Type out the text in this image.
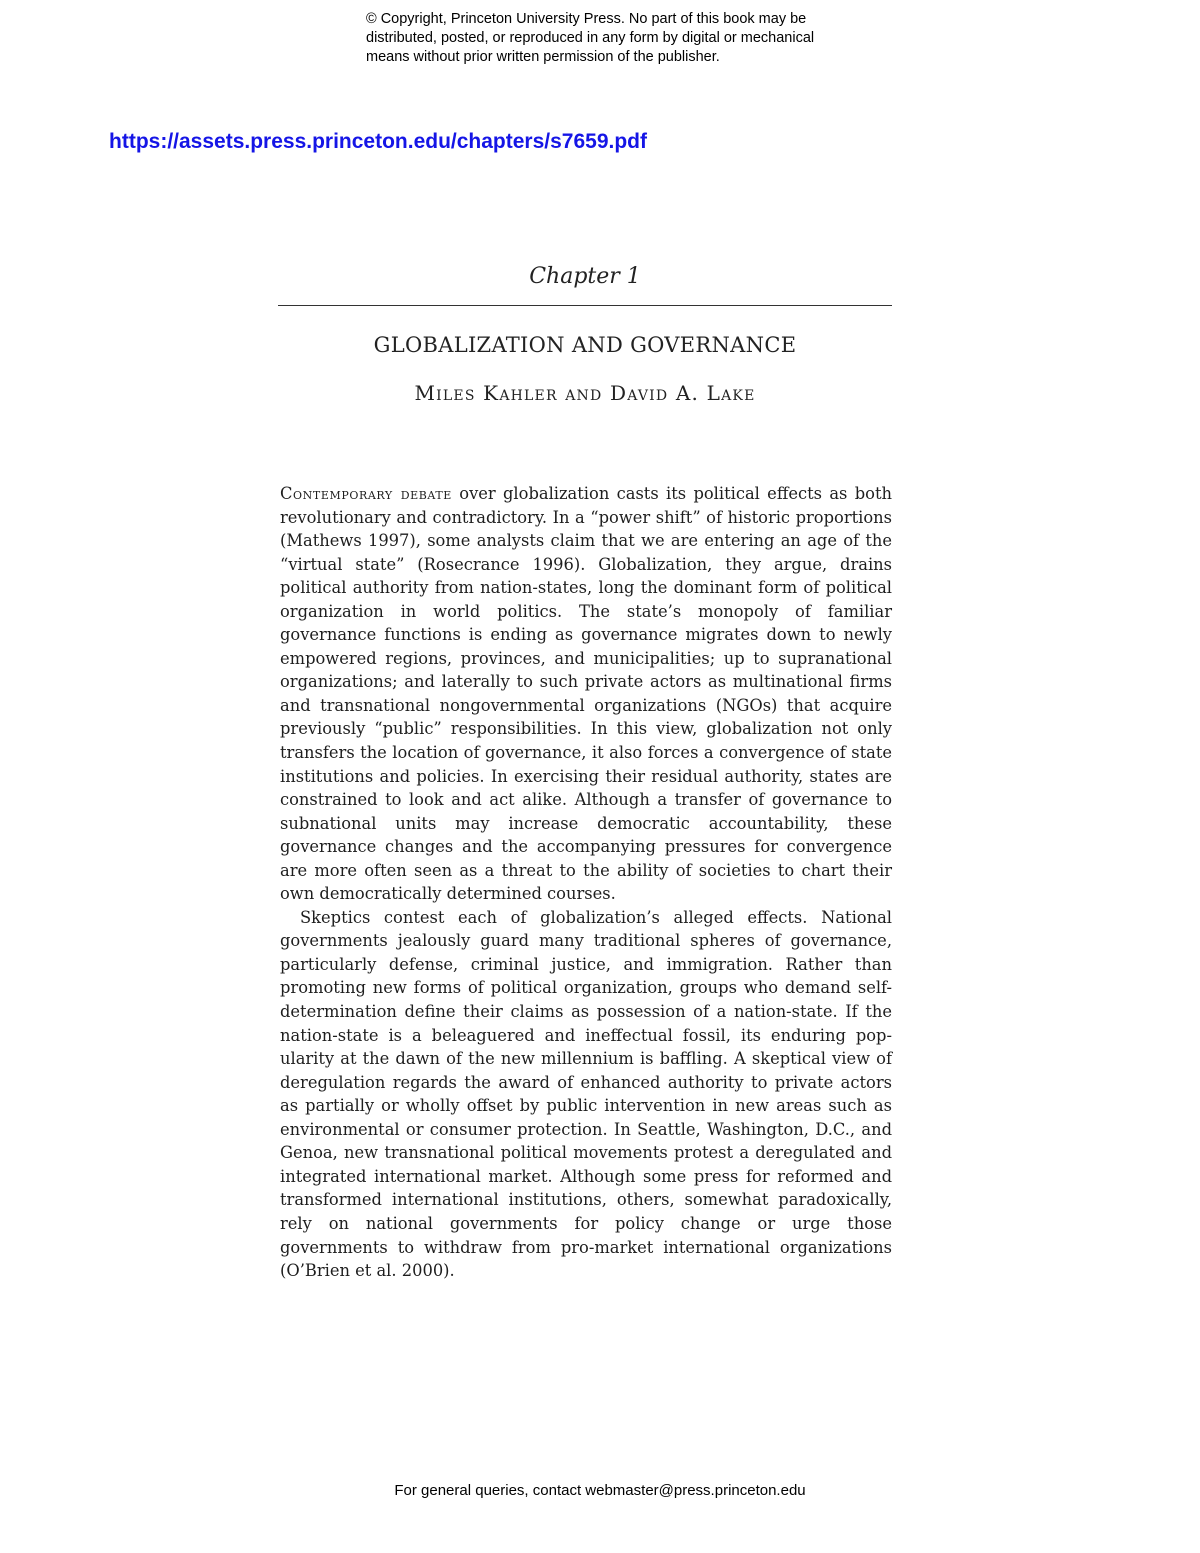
© Copyright, Princeton University Press. No part of this book may be
distributed, posted, or reproduced in any form by digital or mechanical
means without prior written permission of the publisher.
https://assets.press.princeton.edu/chapters/s7659.pdf
Chapter 1
GLOBALIZATION AND GOVERNANCE
Miles Kahler and David A. Lake

Contemporary debate over globalization casts its political effects as both revolutionary and contradictory. In a “power shift” of historic proportions (Mathews 1997), some analysts claim that we are entering an age of the “virtual state” (Rosecrance 1996). Globalization, they argue, drains political authority from nation-states, long the dominant form of political organization in world politics. The state’s monopoly of familiar governance functions is ending as governance migrates down to newly empowered regions, provinces, and municipalities; up to supranational organizations; and laterally to such private actors as multinational firms and transnational nongovernmental organizations (NGOs) that acquire previously “public” responsibilities. In this view, globalization not only transfers the location of governance, it also forces a convergence of state institutions and policies. In exercising their residual authority, states are constrained to look and act alike. Although a transfer of governance to subnational units may increase democratic accountability, these governance changes and the accompanying pressures for convergence are more often seen as a threat to the ability of societies to chart their own democratically determined courses.

Skeptics contest each of globalization’s alleged effects. National governments jealously guard many traditional spheres of governance, particularly defense, criminal justice, and immigration. Rather than promoting new forms of political organization, groups who demand self-determination define their claims as possession of a nation-state. If the nation-state is a beleaguered and ineffectual fossil, its enduring popularity at the dawn of the new millennium is baffling. A skeptical view of deregulation regards the award of enhanced authority to private actors as partially or wholly offset by public intervention in new areas such as environmental or consumer protection. In Seattle, Washington, D.C., and Genoa, new transnational political movements protest a deregulated and integrated international market. Although some press for reformed and transformed international institutions, others, somewhat paradoxically, rely on national governments for policy change or urge those governments to withdraw from pro-market international organizations (O’Brien et al. 2000).

For general queries, contact webmaster@press.princeton.edu
